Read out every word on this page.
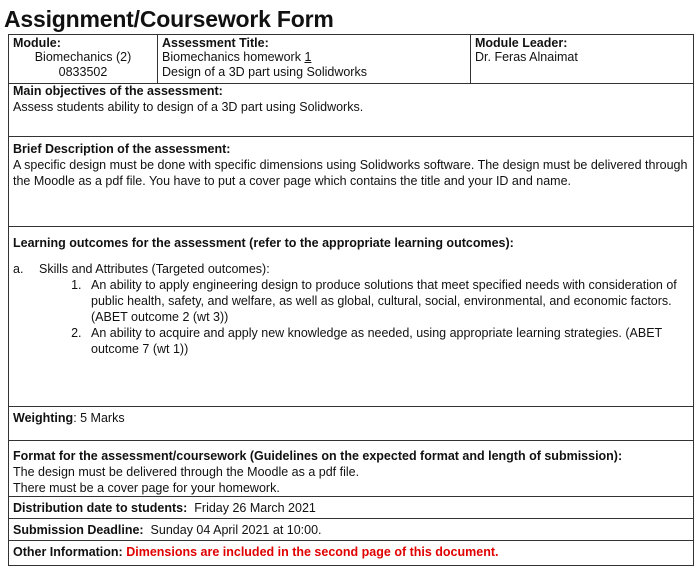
Assignment/Coursework Form
Module:
Biomechanics (2)
0833502
Assessment Title:
Biomechanics homework 1
Design of a 3D part using Solidworks
Module Leader:
Dr. Feras Alnaimat
Main objectives of the assessment:
Assess students ability to design of a 3D part using Solidworks.
Brief Description of the assessment:
A specific design must be done with specific dimensions using Solidworks software. The design must be delivered through the Moodle as a pdf file. You have to put a cover page which contains the title and your ID and name.
Learning outcomes for the assessment (refer to the appropriate learning outcomes):
a. Skills and Attributes (Targeted outcomes):
1. An ability to apply engineering design to produce solutions that meet specified needs with consideration of public health, safety, and welfare, as well as global, cultural, social, environmental, and economic factors. (ABET outcome 2 (wt 3))
2. An ability to acquire and apply new knowledge as needed, using appropriate learning strategies. (ABET outcome 7 (wt 1))
Weighting: 5 Marks
Format for the assessment/coursework (Guidelines on the expected format and length of submission):
The design must be delivered through the Moodle as a pdf file.
There must be a cover page for your homework.
Distribution date to students: Friday 26 March 2021
Submission Deadline: Sunday 04 April 2021 at 10:00.
Other Information: Dimensions are included in the second page of this document.
